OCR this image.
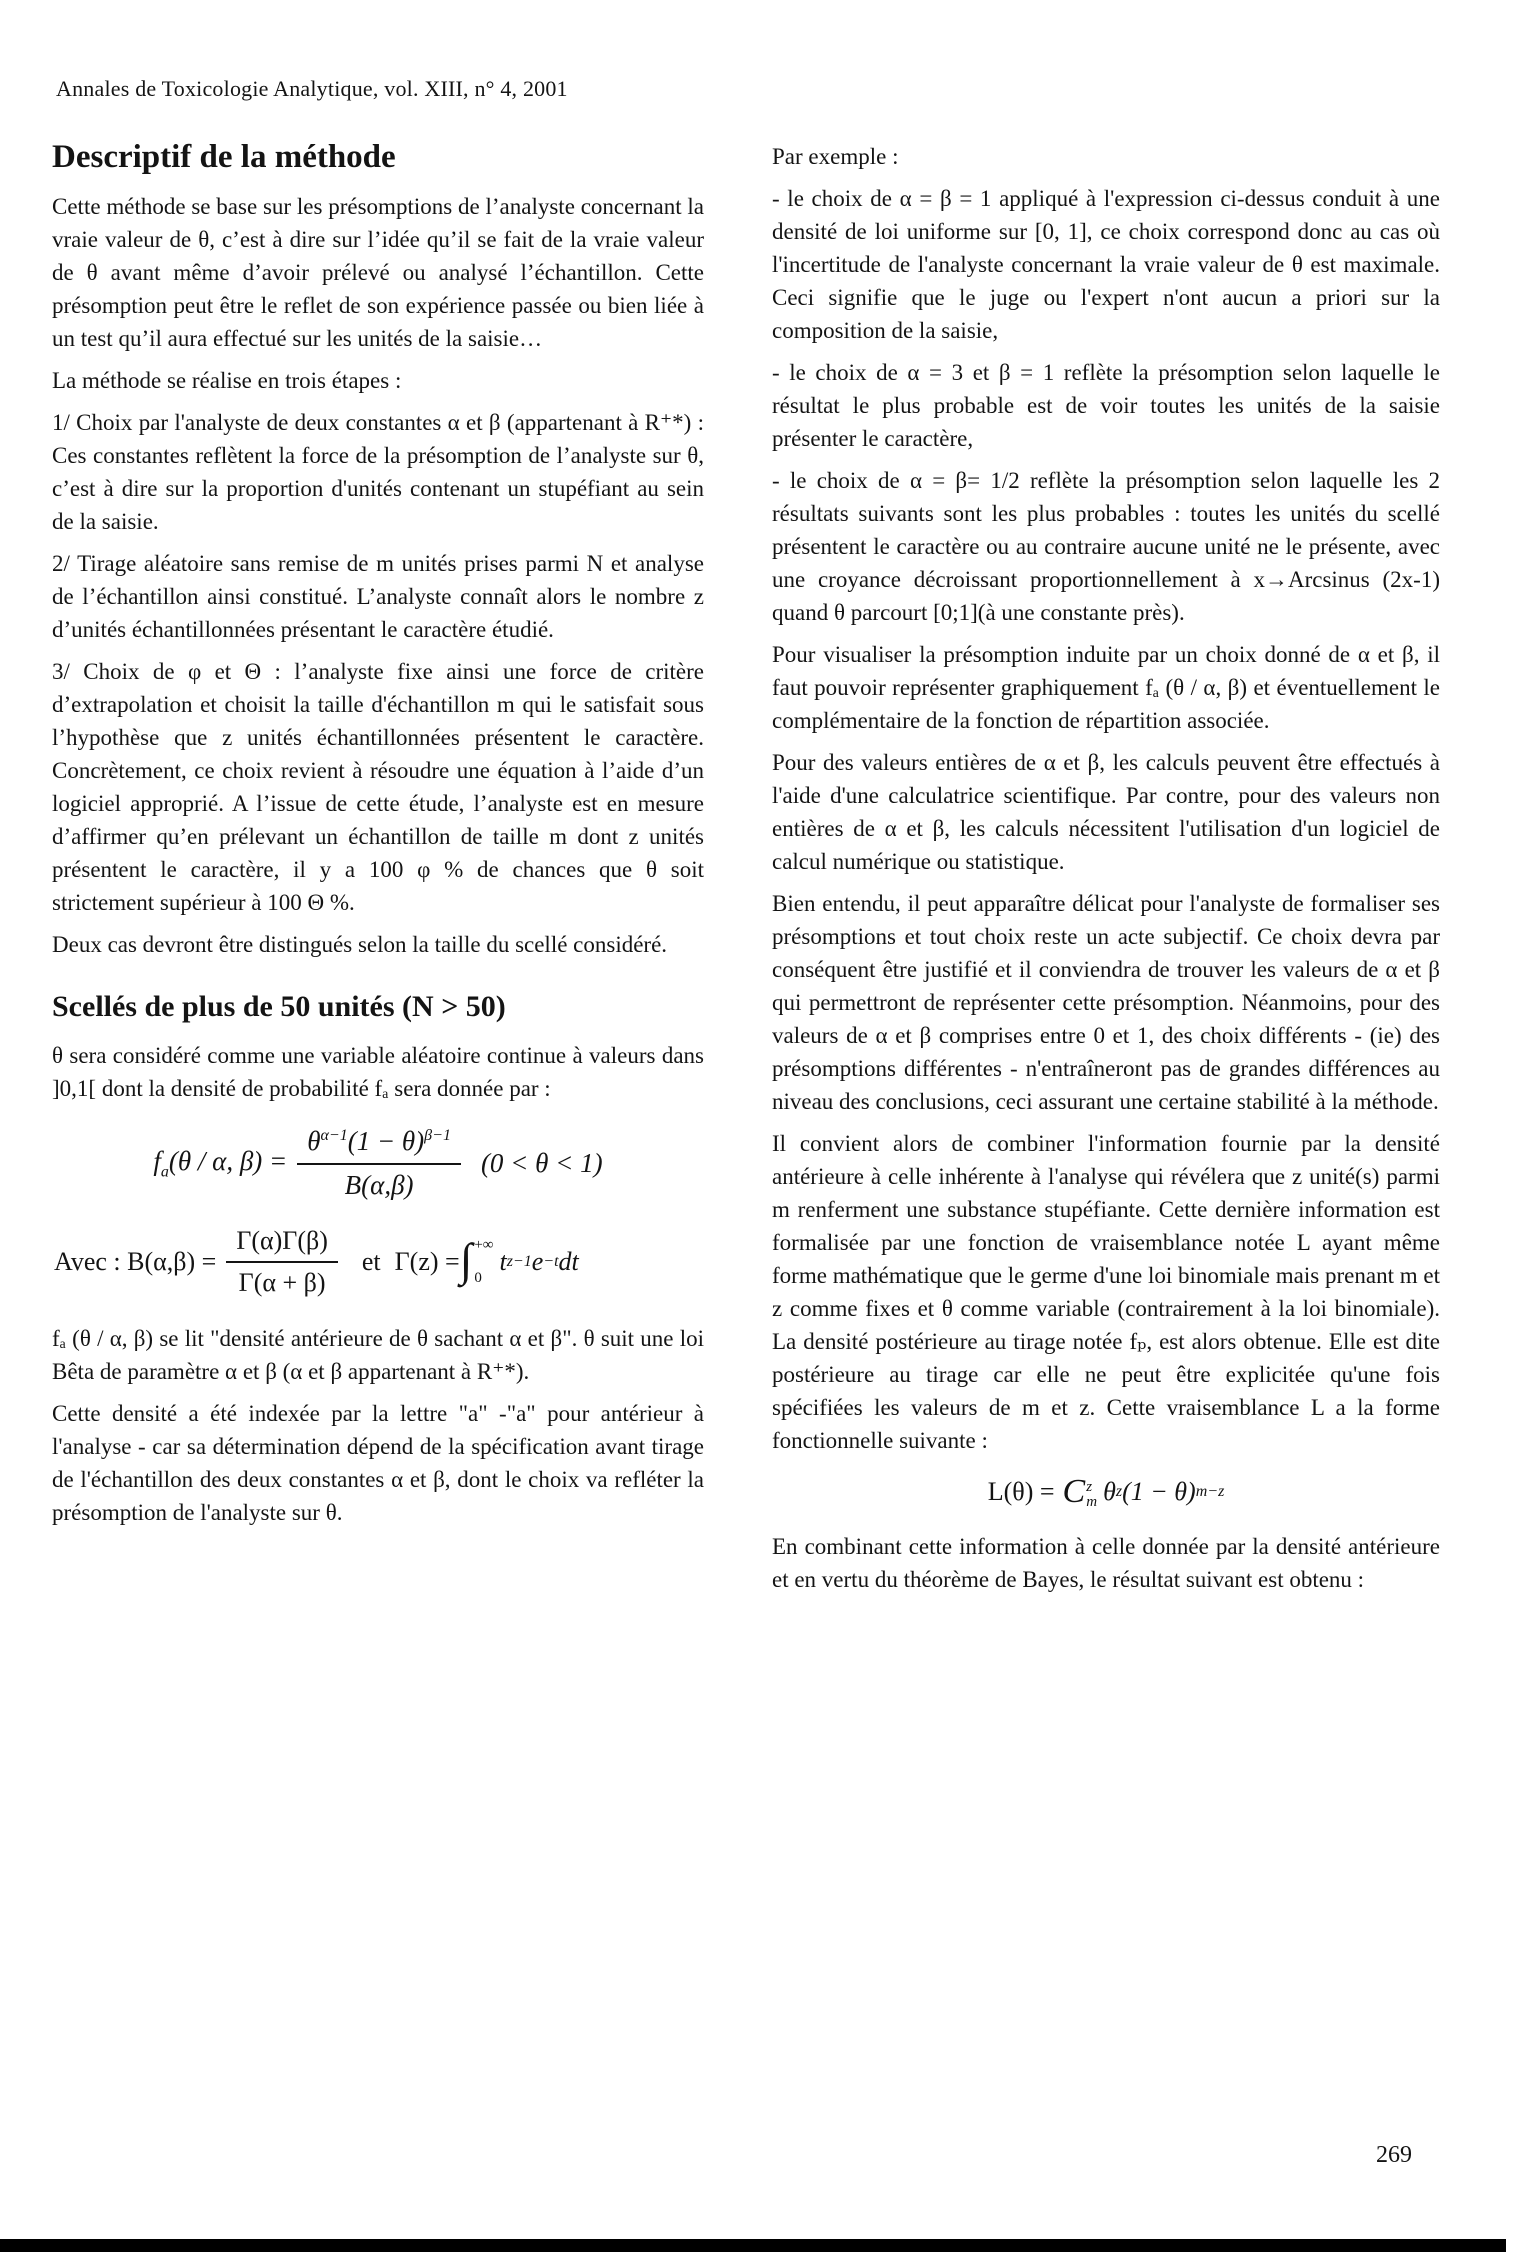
Annales de Toxicologie Analytique, vol. XIII, n° 4, 2001
Descriptif de la méthode

Cette méthode se base sur les présomptions de l’analyste concernant la vraie valeur de θ, c’est à dire sur l’idée qu’il se fait de la vraie valeur de θ avant même d’avoir prélevé ou analysé l’échantillon. Cette présomption peut être le reflet de son expérience passée ou bien liée à un test qu’il aura effectué sur les unités de la saisie…

La méthode se réalise en trois étapes :

1/ Choix par l'analyste de deux constantes α et β (appartenant à R⁺*) : Ces constantes reflètent la force de la présomption de l’analyste sur θ, c’est à dire sur la proportion d'unités contenant un stupéfiant au sein de la saisie.

2/ Tirage aléatoire sans remise de m unités prises parmi N et analyse de l’échantillon ainsi constitué. L’analyste connaît alors le nombre z d’unités échantillonnées présentant le caractère étudié.

3/ Choix de φ et Θ : l’analyste fixe ainsi une force de critère d’extrapolation et choisit la taille d'échantillon m qui le satisfait sous l’hypothèse que z unités échantillonnées présentent le caractère. Concrètement, ce choix revient à résoudre une équation à l’aide d’un logiciel approprié. A l’issue de cette étude, l’analyste est en mesure d’affirmer qu’en prélevant un échantillon de taille m dont z unités présentent le caractère, il y a 100 φ % de chances que θ soit strictement supérieur à 100 Θ %.

Deux cas devront être distingués selon la taille du scellé considéré.

Scellés de plus de 50 unités (N > 50)

θ sera considéré comme une variable aléatoire continue à valeurs dans ]0,1[ dont la densité de probabilité fₐ sera donnée par :

$f_a(\theta$ / α, $\beta) = \frac{\theta^{\alpha-1}(1 - \theta)^{\beta-1}}{B(\alpha,\beta)} (0 < \theta < 1)$
Avec : $B(\alpha,\beta) = \frac{\Gamma(\alpha)\Gamma(\beta)}{\Gamma(\alpha + \beta)}$ et Γ(z) = ∫ +∞
0
t z−1 e −t dt

fₐ (θ / α, β) se lit "densité antérieure de θ sachant α et β". θ suit une loi Bêta de paramètre α et β (α et β appartenant à R⁺*).

Cette densité a été indexée par la lettre "a" -"a" pour antérieur à l'analyse - car sa détermination dépend de la spécification avant tirage de l'échantillon des deux constantes α et β, dont le choix va refléter la présomption de l'analyste sur θ.

Par exemple :

- le choix de α = β = 1 appliqué à l'expression ci-dessus conduit à une densité de loi uniforme sur [0, 1], ce choix correspond donc au cas où l'incertitude de l'analyste concernant la vraie valeur de θ est maximale. Ceci signifie que le juge ou l'expert n'ont aucun a priori sur la composition de la saisie,

- le choix de α = 3 et β = 1 reflète la présomption selon laquelle le résultat le plus probable est de voir toutes les unités de la saisie présenter le caractère,

- le choix de α = β= 1/2 reflète la présomption selon laquelle les 2 résultats suivants sont les plus probables : toutes les unités du scellé présentent le caractère ou au contraire aucune unité ne le présente, avec une croyance décroissant proportionnellement à x→Arcsinus (2x-1) quand θ parcourt [0;1](à une constante près).

Pour visualiser la présomption induite par un choix donné de α et β, il faut pouvoir représenter graphiquement fₐ (θ / α, β) et éventuellement le complémentaire de la fonction de répartition associée.

Pour des valeurs entières de α et β, les calculs peuvent être effectués à l'aide d'une calculatrice scientifique. Par contre, pour des valeurs non entières de α et β, les calculs nécessitent l'utilisation d'un logiciel de calcul numérique ou statistique.

Bien entendu, il peut apparaître délicat pour l'analyste de formaliser ses présomptions et tout choix reste un acte subjectif. Ce choix devra par conséquent être justifié et il conviendra de trouver les valeurs de α et β qui permettront de représenter cette présomption. Néanmoins, pour des valeurs de α et β comprises entre 0 et 1, des choix différents - (ie) des présomptions différentes - n'entraîneront pas de grandes différences au niveau des conclusions, ceci assurant une certaine stabilité à la méthode.

Il convient alors de combiner l'information fournie par la densité antérieure à celle inhérente à l'analyse qui révélera que z unité(s) parmi m renferment une substance stupéfiante. Cette dernière information est formalisée par une fonction de vraisemblance notée L ayant même forme mathématique que le germe d'une loi binomiale mais prenant m et z comme fixes et θ comme variable (contrairement à la loi binomiale). La densité postérieure au tirage notée fₚ, est alors obtenue. Elle est dite postérieure au tirage car elle ne peut être explicitée qu'une fois spécifiées les valeurs de m et z. Cette vraisemblance L a la forme fonctionnelle suivante :

L(θ) = C z
m θ z (1 − θ) m−z

En combinant cette information à celle donnée par la densité antérieure et en vertu du théorème de Bayes, le résultat suivant est obtenu :

269
